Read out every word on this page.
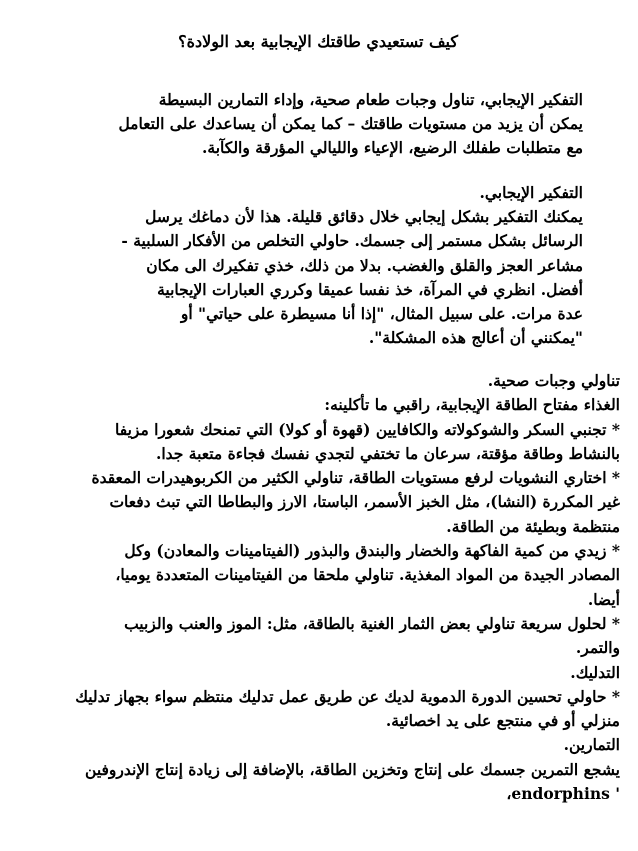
كيف تستعيدي طاقتك الإيجابية بعد الولادة؟
التفكير الإيجابي، تناول وجبات طعام صحية، وإداء التمارين البسيطة
يمكن أن يزيد من مستويات طاقتك – كما يمكن أن يساعدك على التعامل
مع متطلبات طفلك الرضيع، الإعياء والليالي المؤرقة والكآبة.
التفكير الإيجابي.
يمكنك التفكير بشكل إيجابي خلال دقائق قليلة. هذا لأن دماغك يرسل
الرسائل بشكل مستمر إلى جسمك. حاولي التخلص من الأفكار السلبية -
مشاعر العجز والقلق والغضب. بدلا من ذلك، خذي تفكيرك الى مكان
أفضل. انظري في المرآة، خذ نفسا عميقا وكرري العبارات الإيجابية
عدة مرات. على سبيل المثال، "إذا أنا مسيطرة على حياتي" أو
"يمكنني أن أعالج هذه المشكلة".
تناولي وجبات صحية.
الغذاء مفتاح الطاقة الإيجابية، راقبي ما تأكلينه:
* تجنبي السكر والشوكولاته والكافايين (قهوة أو كولا) التي تمنحك شعورا مزيفا
بالنشاط وطاقة مؤقتة، سرعان ما تختفي لتجدي نفسك فجاءة متعبة جدا.
* اختاري النشويات لرفع مستويات الطاقة، تناولي الكثير من الكربوهيدرات المعقدة
غير المكررة (النشا)، مثل الخبز الأسمر، الباستا، الارز والبطاطا التي تبث دفعات
منتظمة وبطيئة من الطاقة.
* زيدي من كمية الفاكهة والخضار والبندق والبذور (الفيتامينات والمعادن) وكل
المصادر الجيدة من المواد المغذية. تناولي ملحقا من الفيتامينات المتعددة يوميا،
أيضا.
* لحلول سريعة تناولي بعض الثمار الغنية بالطاقة، مثل: الموز والعنب والزبيب
والتمر.
التدليك.
* حاولي تحسين الدورة الدموية لديك عن طريق عمل تدليك منتظم سواء بجهاز تدليك
منزلي أو في منتجع على يد اخصائية.
التمارين.
يشجع التمرين جسمك على إنتاج وتخزين الطاقة، بالإضافة إلى زيادة إنتاج الإندروفين
' endorphins،
